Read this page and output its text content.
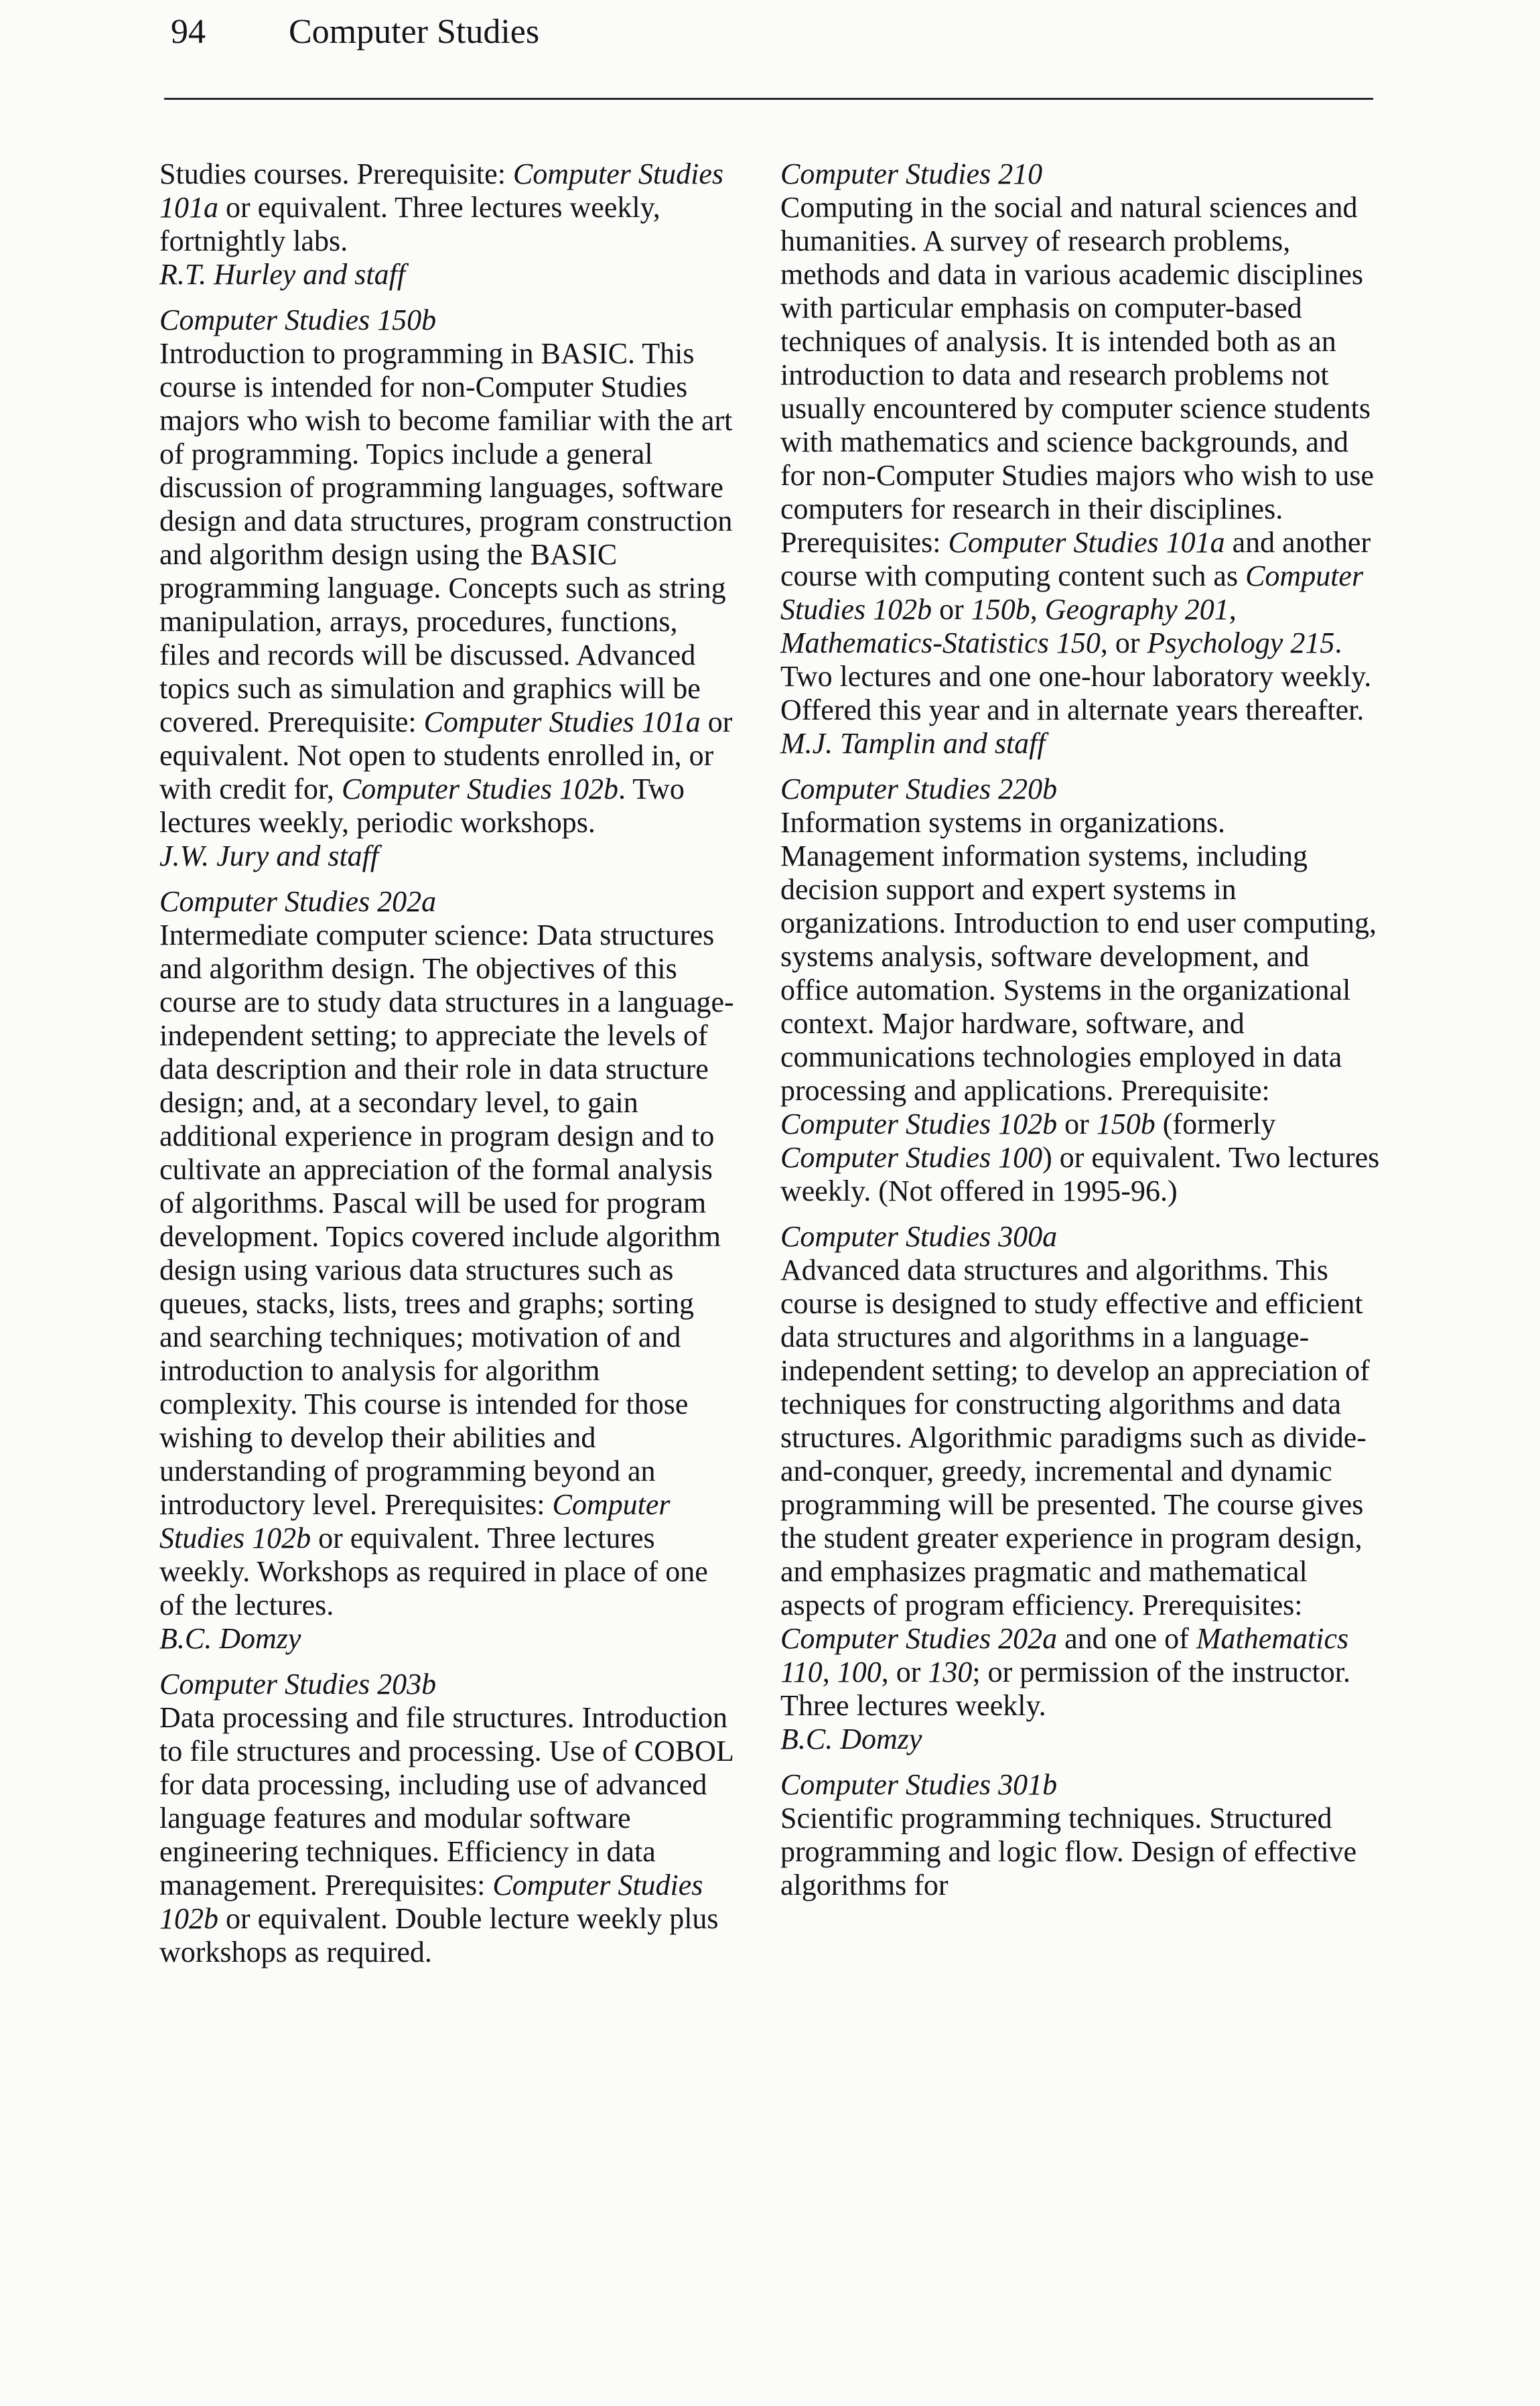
94 Computer Studies

Studies courses. Prerequisite: Computer Studies 101a or equivalent. Three lectures weekly, fortnightly labs.

R.T. Hurley and staff
Computer Studies 150b

Introduction to programming in BASIC. This course is intended for non-Computer Studies majors who wish to become familiar with the art of programming. Topics include a general discussion of programming languages, software design and data structures, program construction and algorithm design using the BASIC programming language. Concepts such as string manipulation, arrays, procedures, functions, files and records will be discussed. Advanced topics such as simulation and graphics will be covered. Prerequisite: Computer Studies 101a or equivalent. Not open to students enrolled in, or with credit for, Computer Studies 102b. Two lectures weekly, periodic workshops.

J.W. Jury and staff
Computer Studies 202a

Intermediate computer science: Data structures and algorithm design. The objectives of this course are to study data structures in a language-independent setting; to appreciate the levels of data description and their role in data structure design; and, at a secondary level, to gain additional experience in program design and to cultivate an appreciation of the formal analysis of algorithms. Pascal will be used for program development. Topics covered include algorithm design using various data structures such as queues, stacks, lists, trees and graphs; sorting and searching techniques; motivation of and introduction to analysis for algorithm complexity. This course is intended for those wishing to develop their abilities and understanding of programming beyond an introductory level. Prerequisites: Computer Studies 102b or equivalent. Three lectures weekly. Workshops as required in place of one of the lectures.

B.C. Domzy
Computer Studies 203b

Data processing and file structures. Introduction to file structures and processing. Use of COBOL for data processing, including use of advanced language features and modular software engineering techniques. Efficiency in data management. Prerequisites: Computer Studies 102b or equivalent. Double lecture weekly plus workshops as required.

Computer Studies 210

Computing in the social and natural sciences and humanities. A survey of research problems, methods and data in various academic disciplines with particular emphasis on computer-based techniques of analysis. It is intended both as an introduction to data and research problems not usually encountered by computer science students with mathematics and science backgrounds, and for non-Computer Studies majors who wish to use computers for research in their disciplines. Prerequisites: Computer Studies 101a and another course with computing content such as Computer Studies 102b or 150b, Geography 201, Mathematics-Statistics 150, or Psychology 215. Two lectures and one one-hour laboratory weekly. Offered this year and in alternate years thereafter.

M.J. Tamplin and staff
Computer Studies 220b

Information systems in organizations. Management information systems, including decision support and expert systems in organizations. Introduction to end user computing, systems analysis, software development, and office automation. Systems in the organizational context. Major hardware, software, and communications technologies employed in data processing and applications. Prerequisite: Computer Studies 102b or 150b (formerly Computer Studies 100) or equivalent. Two lectures weekly. (Not offered in 1995-96.)

Computer Studies 300a

Advanced data structures and algorithms. This course is designed to study effective and efficient data structures and algorithms in a language-independent setting; to develop an appreciation of techniques for constructing algorithms and data structures. Algorithmic paradigms such as divide-and-conquer, greedy, incremental and dynamic programming will be presented. The course gives the student greater experience in program design, and emphasizes pragmatic and mathematical aspects of program efficiency. Prerequisites: Computer Studies 202a and one of Mathematics 110, 100, or 130; or permission of the instructor. Three lectures weekly.

B.C. Domzy
Computer Studies 301b

Scientific programming techniques. Structured programming and logic flow. Design of effective algorithms for
